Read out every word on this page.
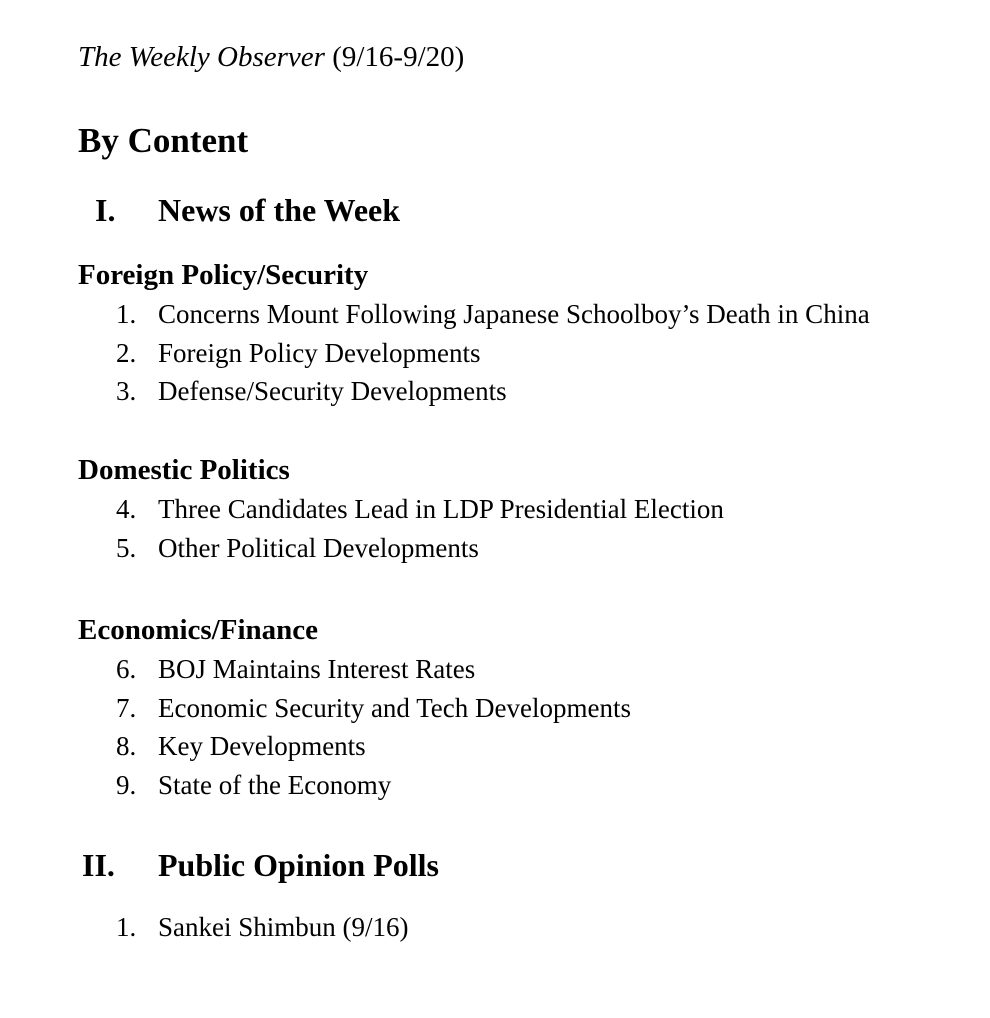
The Weekly Observer (9/16-9/20)
By Content
I. News of the Week
Foreign Policy/Security
1. Concerns Mount Following Japanese Schoolboy’s Death in China
2. Foreign Policy Developments
3. Defense/Security Developments
Domestic Politics
4. Three Candidates Lead in LDP Presidential Election
5. Other Political Developments
Economics/Finance
6. BOJ Maintains Interest Rates
7. Economic Security and Tech Developments
8. Key Developments
9. State of the Economy
II. Public Opinion Polls
1. Sankei Shimbun (9/16)
